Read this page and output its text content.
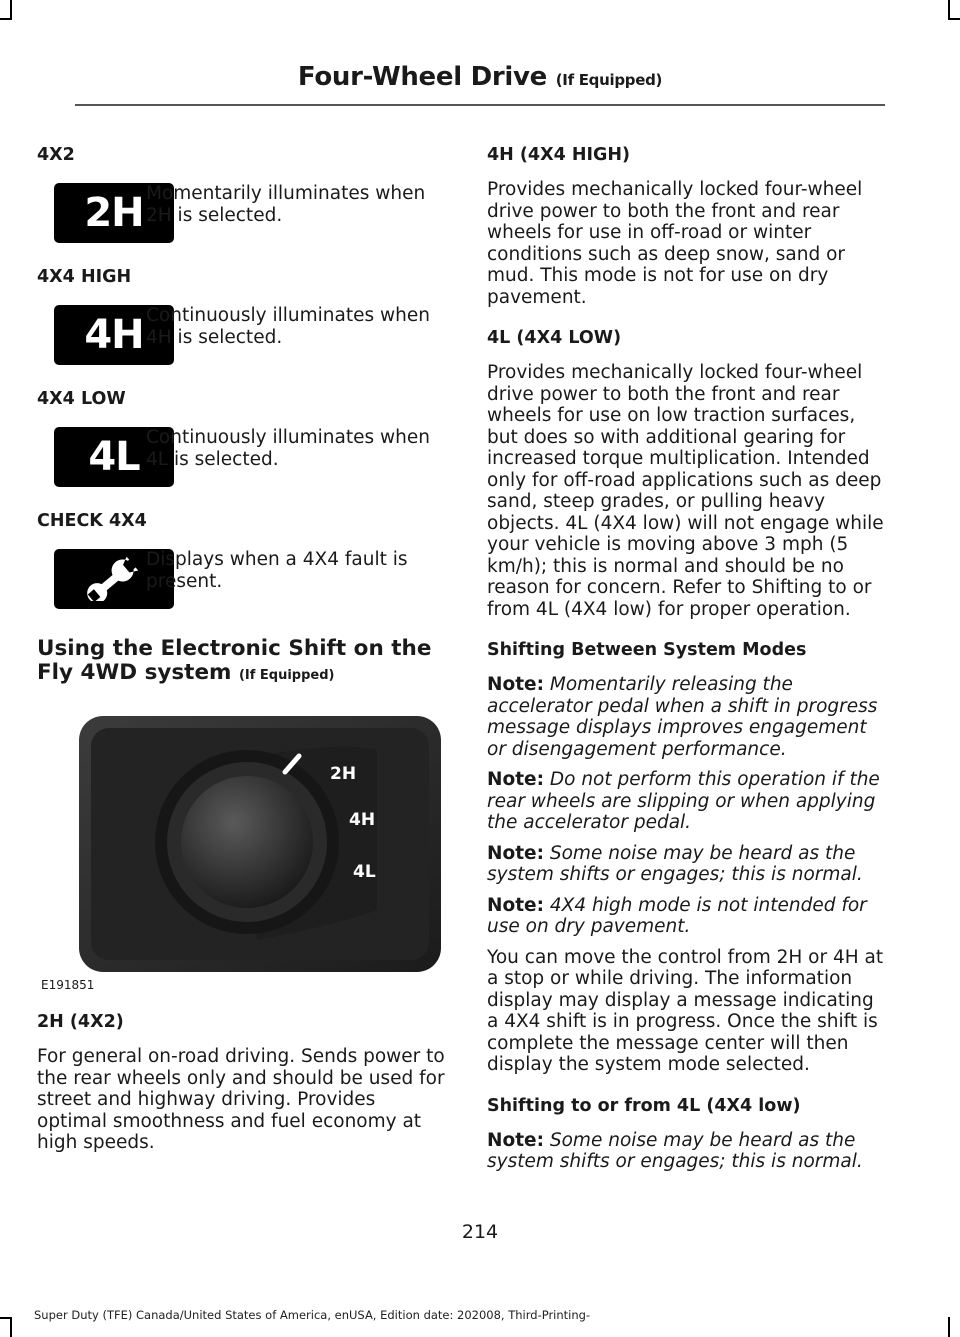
Four-Wheel Drive (If Equipped)

4X2

2H Momentarily illuminates when 2H is selected.

4X4 HIGH

4H Continuously illuminates when 4H is selected.

4X4 LOW

4L Continuously illuminates when 4L is selected.

CHECK 4X4

Displays when a 4X4 fault is present.

Using the Electronic Shift on the Fly 4WD system (If Equipped)

2H
4H
4L
E191851

2H (4X2)

For general on-road driving. Sends power to the rear wheels only and should be used for street and highway driving. Provides optimal smoothness and fuel economy at high speeds.

4H (4X4 HIGH)

Provides mechanically locked four-wheel drive power to both the front and rear wheels for use in off-road or winter conditions such as deep snow, sand or mud. This mode is not for use on dry pavement.

4L (4X4 LOW)

Provides mechanically locked four-wheel drive power to both the front and rear wheels for use on low traction surfaces, but does so with additional gearing for increased torque multiplication. Intended only for off-road applications such as deep sand, steep grades, or pulling heavy objects. 4L (4X4 low) will not engage while your vehicle is moving above 3 mph (5 km/h); this is normal and should be no reason for concern. Refer to Shifting to or from 4L (4X4 low) for proper operation.

Shifting Between System Modes

Note: Momentarily releasing the accelerator pedal when a shift in progress message displays improves engagement or disengagement performance.

Note: Do not perform this operation if the rear wheels are slipping or when applying the accelerator pedal.

Note: Some noise may be heard as the system shifts or engages; this is normal.

Note: 4X4 high mode is not intended for use on dry pavement.

You can move the control from 2H or 4H at a stop or while driving. The information display may display a message indicating a 4X4 shift is in progress. Once the shift is complete the message center will then display the system mode selected.

Shifting to or from 4L (4X4 low)

Note: Some noise may be heard as the system shifts or engages; this is normal.

214
Super Duty (TFE) Canada/United States of America, enUSA, Edition date: 202008, Third-Printing-
